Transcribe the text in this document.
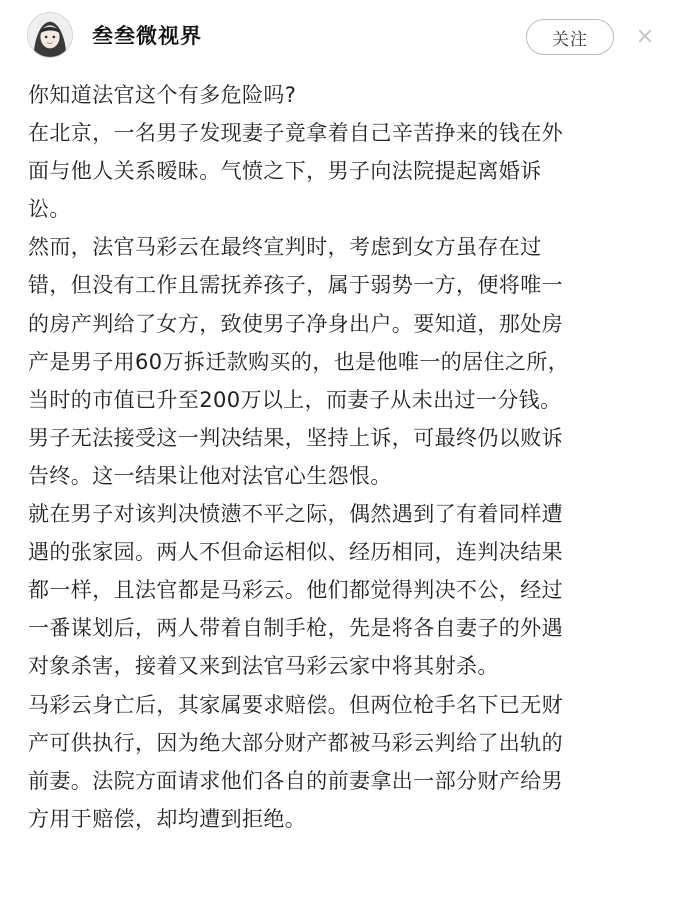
叁叁微视界	关注	×
你知道法官这个有多危险吗?
在北京，一名男子发现妻子竟拿着自己辛苦挣来的钱在外
面与他人关系暧昧。气愤之下，男子向法院提起离婚诉
讼。
然而，法官马彩云在最终宣判时，考虑到女方虽存在过
错，但没有工作且需抚养孩子，属于弱势一方，便将唯一
的房产判给了女方，致使男子净身出户。要知道，那处房
产是男子用60万拆迁款购买的，也是他唯一的居住之所，
当时的市值已升至200万以上，而妻子从未出过一分钱。
男子无法接受这一判决结果，坚持上诉，可最终仍以败诉
告终。这一结果让他对法官心生怨恨。
就在男子对该判决愤懑不平之际，偶然遇到了有着同样遭
遇的张家园。两人不但命运相似、经历相同，连判决结果
都一样，且法官都是马彩云。他们都觉得判决不公，经过
一番谋划后，两人带着自制手枪，先是将各自妻子的外遇
对象杀害，接着又来到法官马彩云家中将其射杀。
马彩云身亡后，其家属要求赔偿。但两位枪手名下已无财
产可供执行，因为绝大部分财产都被马彩云判给了出轨的
前妻。法院方面请求他们各自的前妻拿出一部分财产给男
方用于赔偿，却均遭到拒绝。
